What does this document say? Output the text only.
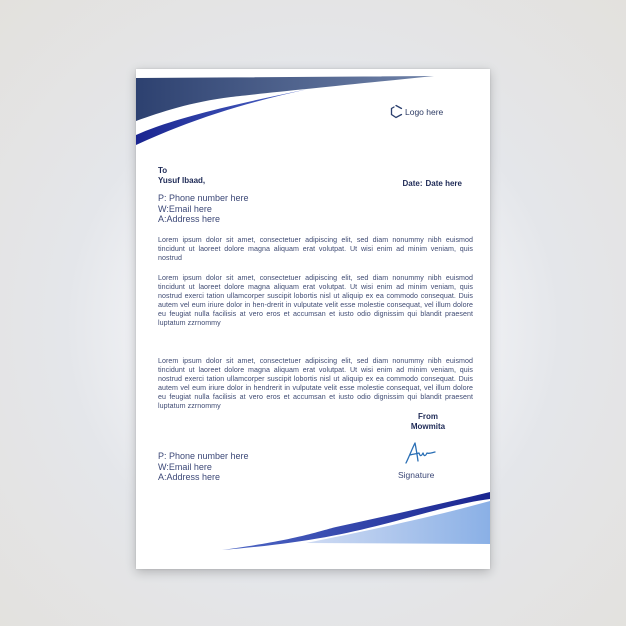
Logo here

To

Yusuf Ibaad,	Date: Date here

P: Phone number here
W:Email here
A:Address here

Lorem ipsum dolor sit amet, consectetuer adipiscing elit, sed diam nonummy nibh euismod tincidunt ut laoreet dolore magna aliquam erat volutpat. Ut wisi enim ad minim veniam, quis nostrud

Lorem ipsum dolor sit amet, consectetuer adipiscing elit, sed diam nonummy nibh euismod tincidunt ut laoreet dolore magna aliquam erat volutpat. Ut wisi enim ad minim veniam, quis nostrud exerci tation ullamcorper suscipit lobortis nisl ut aliquip ex ea commodo consequat. Duis autem vel eum iriure dolor in hen-drerit in vulputate velit esse molestie consequat, vel illum dolore eu feugiat nulla facilisis at vero eros et accumsan et iusto odio dignissim qui blandit praesent luptatum zzrnommy

Lorem ipsum dolor sit amet, consectetuer adipiscing elit, sed diam nonummy nibh euismod tincidunt ut laoreet dolore magna aliquam erat volutpat. Ut wisi enim ad minim veniam, quis nostrud exerci tation ullamcorper suscipit lobortis nisl ut aliquip ex ea commodo consequat. Duis autem vel eum iriure dolor in hendrerit in vulputate velit esse molestie consequat, vel illum dolore eu feugiat nulla facilisis at vero eros et accumsan et iusto odio dignissim qui blandit praesent luptatum zzrnommy

From
Mowmita

Signature

P: Phone number here
W:Email here
A:Address here
